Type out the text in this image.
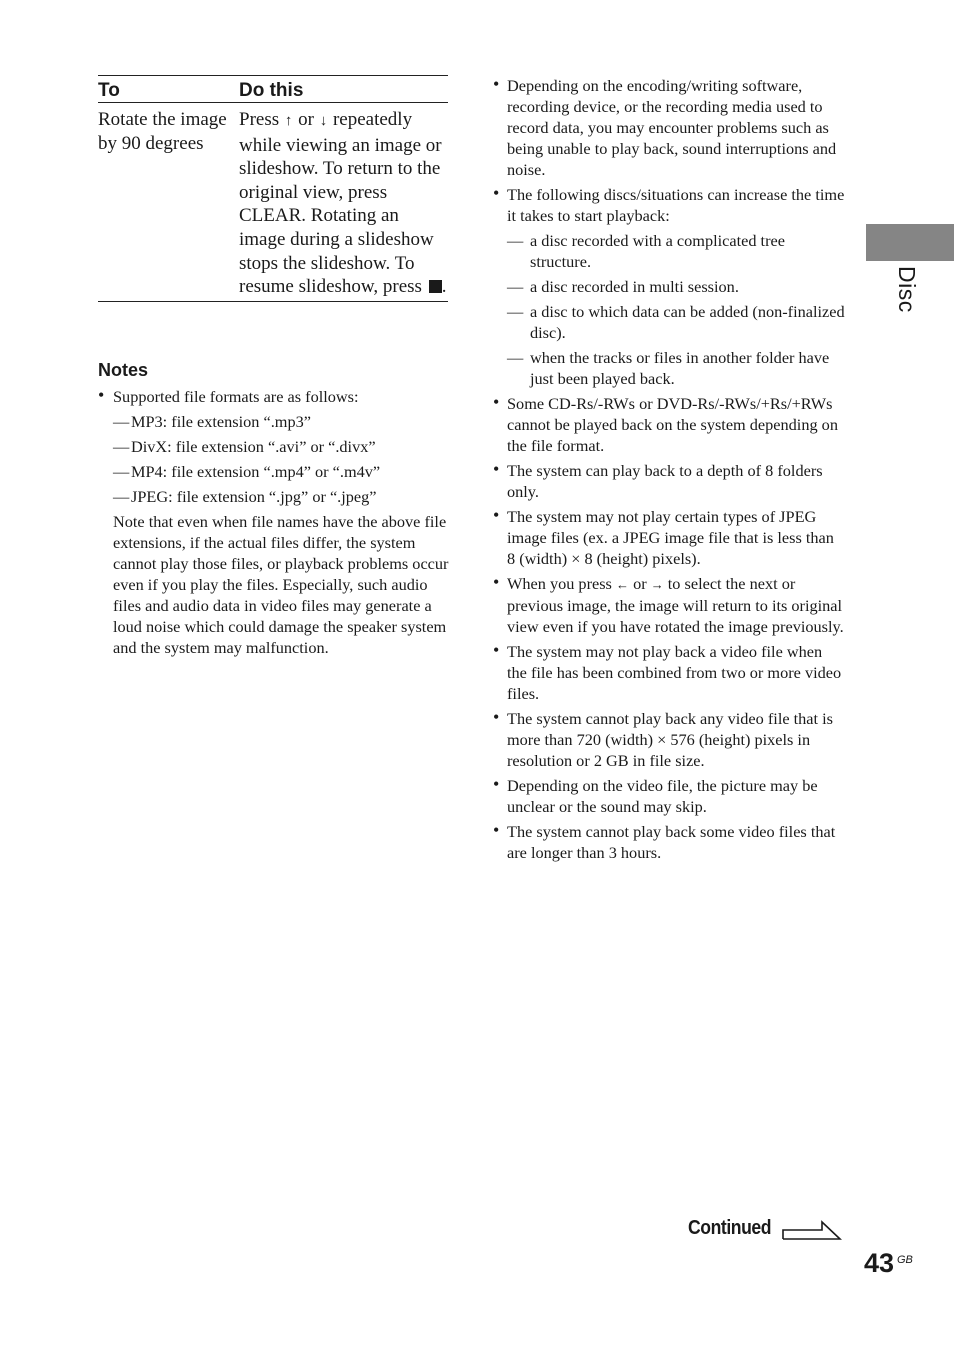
To	Do this
Rotate the image by 90 degrees	Press ↑ or ↓ repeatedly while viewing an image or slideshow. To return to the original view, press CLEAR. Rotating an image during a slideshow stops the slideshow. To resume slideshow, press .
Notes
• Supported file formats are as follows:
— MP3: file extension “.mp3”
— DivX: file extension “.avi” or “.divx”
— MP4: file extension “.mp4” or “.m4v”
— JPEG: file extension “.jpg” or “.jpeg”
Note that even when file names have the above file extensions, if the actual files differ, the system cannot play those files, or playback problems occur even if you play the files. Especially, such audio files and audio data in video files may generate a loud noise which could damage the speaker system and the system may malfunction.
• Depending on the encoding/writing software, recording device, or the recording media used to record data, you may encounter problems such as being unable to play back, sound interruptions and noise.
• The following discs/situations can increase the time it takes to start playback:
— a disc recorded with a complicated tree structure.
— a disc recorded in multi session.
— a disc to which data can be added (non-finalized disc).
— when the tracks or files in another folder have just been played back.
• Some CD-Rs/-RWs or DVD-Rs/-RWs/+Rs/+RWs cannot be played back on the system depending on the file format.
• The system can play back to a depth of 8 folders only.
• The system may not play certain types of JPEG image files (ex. a JPEG image file that is less than 8 (width) × 8 (height) pixels).
• When you press ← or → to select the next or previous image, the image will return to its original view even if you have rotated the image previously.
• The system may not play back a video file when the file has been combined from two or more video files.
• The system cannot play back any video file that is more than 720 (width) × 576 (height) pixels in resolution or 2 GB in file size.
• Depending on the video file, the picture may be unclear or the sound may skip.
• The system cannot play back some video files that are longer than 3 hours.
Disc
Continued
43 GB
